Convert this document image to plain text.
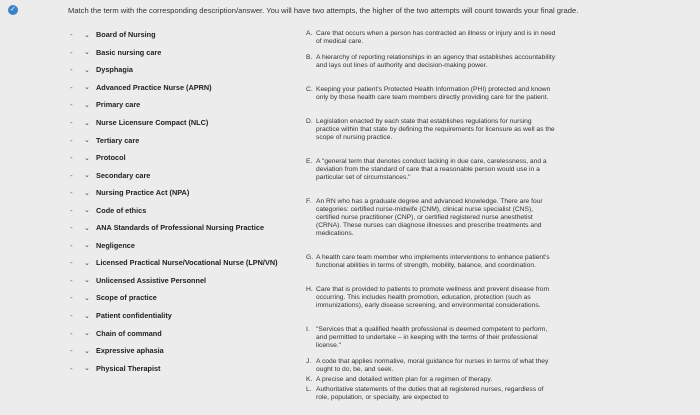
✓	Match the term with the corresponding description/answer. You will have two attempts, the higher of the two attempts will count towards your final grade.
-	⌄ Board of Nursing
-	⌄ Basic nursing care
-	⌄ Dysphagia
-	⌄ Advanced Practice Nurse (APRN)
-	⌄ Primary care
-	⌄ Nurse Licensure Compact (NLC)
-	⌄ Tertiary care
-	⌄ Protocol
-	⌄ Secondary care
-	⌄ Nursing Practice Act (NPA)
-	⌄ Code of ethics
-	⌄ ANA Standards of Professional Nursing Practice
-	⌄ Negligence
-	⌄ Licensed Practical Nurse/Vocational Nurse (LPN/VN)
-	⌄ Unlicensed Assistive Personnel
-	⌄ Scope of practice
-	⌄ Patient confidentiality
-	⌄ Chain of command
-	⌄ Expressive aphasia
-	⌄ Physical Therapist
A. Care that occurs when a person has contracted an illness or injury and is in need of medical care.
B. A hierarchy of reporting relationships in an agency that establishes accountability and lays out lines of authority and decision-making power.
C. Keeping your patient's Protected Health Information (PHI) protected and known only by those health care team members directly providing care for the patient.
D. Legislation enacted by each state that establishes regulations for nursing practice within that state by defining the requirements for licensure as well as the scope of nursing practice.
E. A "general term that denotes conduct lacking in due care, carelessness, and a deviation from the standard of care that a reasonable person would use in a particular set of circumstances."
F. An RN who has a graduate degree and advanced knowledge. There are four categories: certified nurse-midwife (CNM), clinical nurse specialist (CNS), certified nurse practitioner (CNP), or certified registered nurse anesthetist (CRNA). These nurses can diagnose illnesses and prescribe treatments and medications.
G. A health care team member who implements interventions to enhance patient's functional abilities in terms of strength, mobility, balance, and coordination.
H. Care that is provided to patients to promote wellness and prevent disease from occurring. This includes health promotion, education, protection (such as immunizations), early disease screening, and environmental considerations.
I. "Services that a qualified health professional is deemed competent to perform, and permitted to undertake – in keeping with the terms of their professional license."
J. A code that applies normative, moral guidance for nurses in terms of what they ought to do, be, and seek.
K. A precise and detailed written plan for a regimen of therapy.
L. Authoritative statements of the duties that all registered nurses, regardless of role, population, or specialty, are expected to
